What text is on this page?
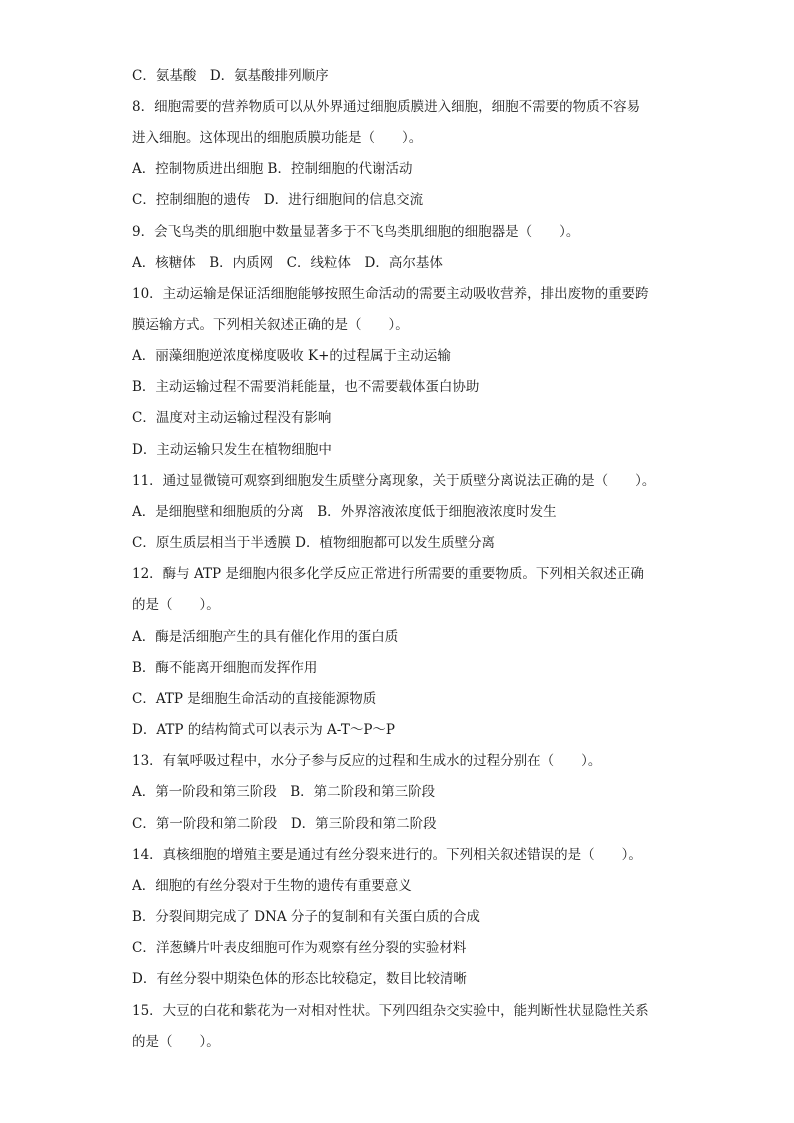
C．氨基酸　D．氨基酸排列顺序
8．细胞需要的营养物质可以从外界通过细胞质膜进入细胞，细胞不需要的物质不容易
进入细胞。这体现出的细胞质膜功能是（　　）。
A．控制物质进出细胞 B．控制细胞的代谢活动
C．控制细胞的遗传　D．进行细胞间的信息交流
9．会飞鸟类的肌细胞中数量显著多于不飞鸟类肌细胞的细胞器是（　　）。
A．核糖体　B．内质网　C．线粒体　D．高尔基体
10．主动运输是保证活细胞能够按照生命活动的需要主动吸收营养，排出废物的重要跨
膜运输方式。下列相关叙述正确的是（　　）。
A．丽藻细胞逆浓度梯度吸收 K+的过程属于主动运输
B．主动运输过程不需要消耗能量，也不需要载体蛋白协助
C．温度对主动运输过程没有影响
D．主动运输只发生在植物细胞中
11．通过显微镜可观察到细胞发生质壁分离现象，关于质壁分离说法正确的是（　　）。
A．是细胞壁和细胞质的分离　B．外界溶液浓度低于细胞液浓度时发生
C．原生质层相当于半透膜 D．植物细胞都可以发生质壁分离
12．酶与 ATP 是细胞内很多化学反应正常进行所需要的重要物质。下列相关叙述正确
的是（　　）。
A．酶是活细胞产生的具有催化作用的蛋白质
B．酶不能离开细胞而发挥作用
C．ATP 是细胞生命活动的直接能源物质
D．ATP 的结构简式可以表示为 A-T～P～P
13．有氧呼吸过程中，水分子参与反应的过程和生成水的过程分别在（　　）。
A．第一阶段和第三阶段　B．第二阶段和第三阶段
C．第一阶段和第二阶段　D．第三阶段和第二阶段
14．真核细胞的增殖主要是通过有丝分裂来进行的。下列相关叙述错误的是（　　）。
A．细胞的有丝分裂对于生物的遗传有重要意义
B．分裂间期完成了 DNA 分子的复制和有关蛋白质的合成
C．洋葱鳞片叶表皮细胞可作为观察有丝分裂的实验材料
D．有丝分裂中期染色体的形态比较稳定，数目比较清晰
15．大豆的白花和紫花为一对相对性状。下列四组杂交实验中，能判断性状显隐性关系
的是（　　）。
